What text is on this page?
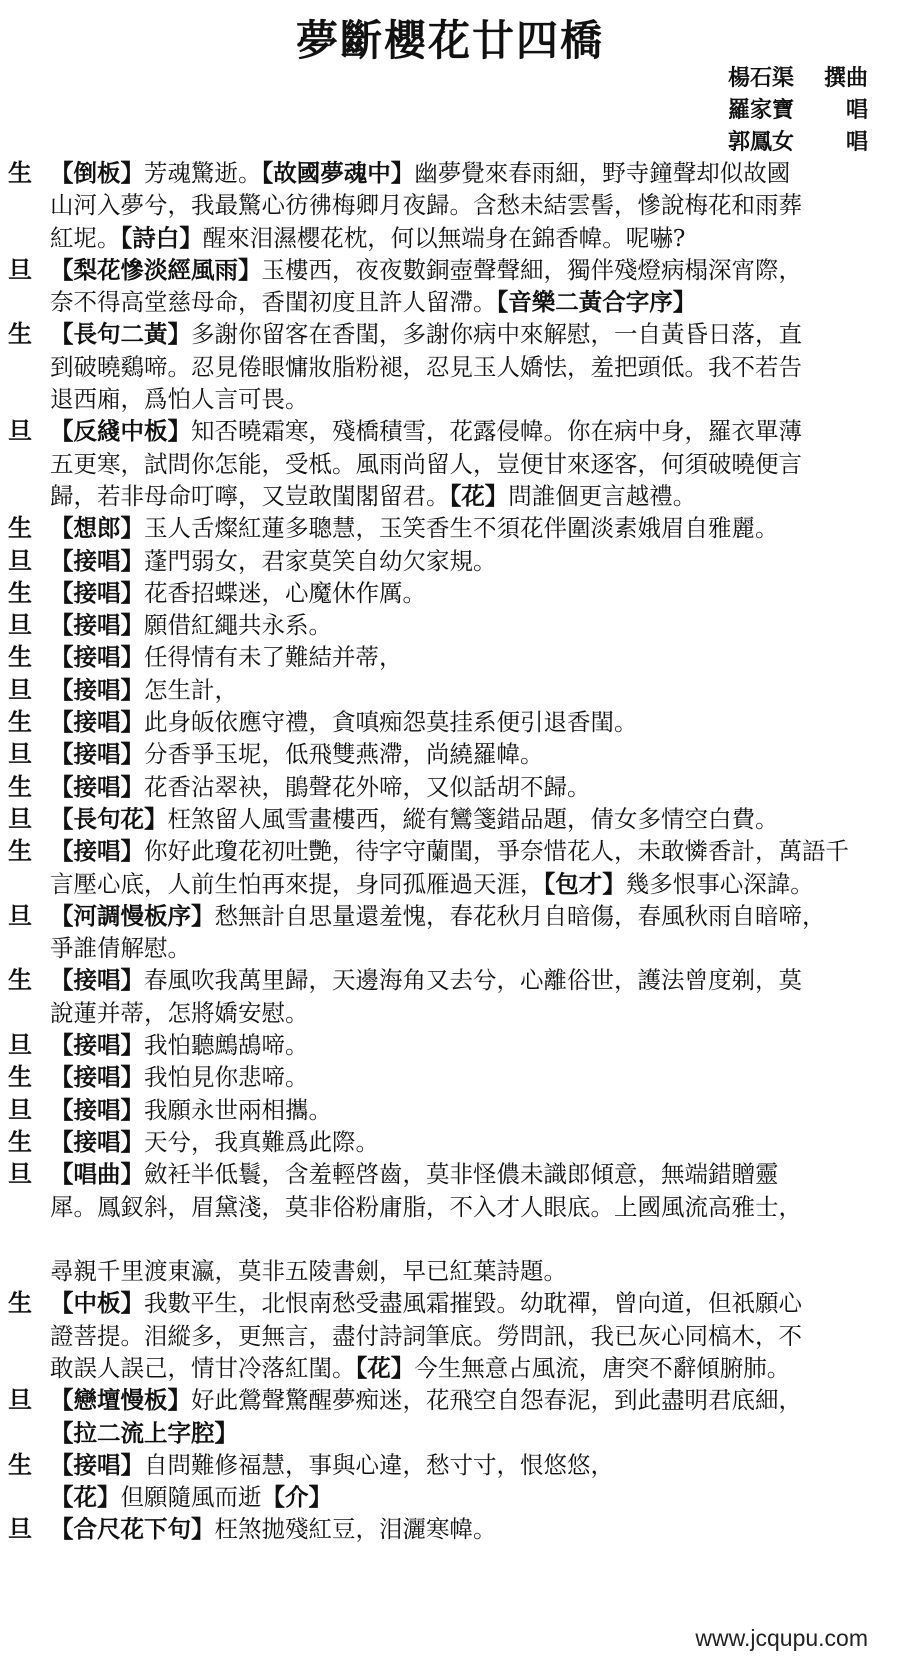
夢斷櫻花廿四橋
楊石渠 撰曲
羅家寶 唱
郭鳳女 唱
生 【倒板】芳魂驚逝。【故國夢魂中】幽夢覺來春雨細，野寺鐘聲却似故國
山河入夢兮，我最驚心彷彿梅卿月夜歸。含愁未結雲髻，慘說梅花和雨葬
紅坭。【詩白】醒來泪濕櫻花枕，何以無端身在錦香幃。呢嚇?
旦 【梨花慘淡經風雨】玉樓西，夜夜數銅壺聲聲細，獨伴殘燈病榻深宵際，
奈不得高堂慈母命，香閨初度且許人留滯。【音樂二黃合字序】
生 【長句二黃】多謝你留客在香閨，多謝你病中來解慰，一自黃昏日落，直
到破曉鷄啼。忍見倦眼慵妝脂粉褪，忍見玉人嬌怯，羞把頭低。我不若告
退西廂，爲怕人言可畏。
旦 【反綫中板】知否曉霜寒，殘橋積雪，花露侵幃。你在病中身，羅衣單薄
五更寒，試問你怎能，受柢。風雨尚留人，豈便甘來逐客，何須破曉便言
歸，若非母命叮嚀，又豈敢閨閣留君。【花】問誰個更言越禮。
生 【想郎】玉人舌燦紅蓮多聰慧，玉笑香生不須花伴圍淡素娥眉自雅麗。
旦 【接唱】蓬門弱女，君家莫笑自幼欠家規。
生 【接唱】花香招蝶迷，心魔休作厲。
旦 【接唱】願借紅繩共永系。
生 【接唱】任得情有未了難結并蒂，
旦 【接唱】怎生計，
生 【接唱】此身皈依應守禮，貪嗔痴怨莫挂系便引退香閨。
旦 【接唱】分香爭玉坭，低飛雙燕滯，尚繞羅幃。
生 【接唱】花香沾翠袂，鵑聲花外啼，又似話胡不歸。
旦 【長句花】枉煞留人風雪畫樓西，縱有鸞箋錯品題，倩女多情空白費。
生 【接唱】你好此瓊花初吐艷，待字守蘭閨，爭奈惜花人，未敢憐香計，萬語千
言壓心底，人前生怕再來提，身同孤雁過天涯，【包才】幾多恨事心深諱。
旦 【河調慢板序】愁無計自思量還羞愧，春花秋月自暗傷，春風秋雨自暗啼，
爭誰倩解慰。
生 【接唱】春風吹我萬里歸，天邊海角又去兮，心離俗世，護法曾度剃，莫
說蓮并蒂，怎將嬌安慰。
旦 【接唱】我怕聽鷓鴣啼。
生 【接唱】我怕見你悲啼。
旦 【接唱】我願永世兩相攜。
生 【接唱】天兮，我真難爲此際。
旦 【唱曲】斂衽半低鬟，含羞輕啓齒，莫非怪儂未識郎傾意，無端錯贈靈
犀。鳳釵斜，眉黛淺，莫非俗粉庸脂，不入才人眼底。上國風流高雅士，
尋親千里渡東瀛，莫非五陵書劍，早已紅葉詩題。
生 【中板】我數平生，北恨南愁受盡風霜摧毀。幼耽禪，曾向道，但祇願心
證菩提。泪縱多，更無言，盡付詩詞筆底。勞問訊，我已灰心同槁木，不
敢誤人誤己，情甘冷落紅閨。【花】今生無意占風流，唐突不辭傾腑肺。
旦 【戀壇慢板】好此鶯聲驚醒夢痴迷，花飛空自怨春泥，到此盡明君底細，
【拉二流上字腔】
生 【接唱】自問難修福慧，事與心違，愁寸寸，恨悠悠，
【花】但願隨風而逝【介】
旦 【合尺花下句】枉煞拋殘紅豆，泪灑寒幃。
www.jcqupu.com
